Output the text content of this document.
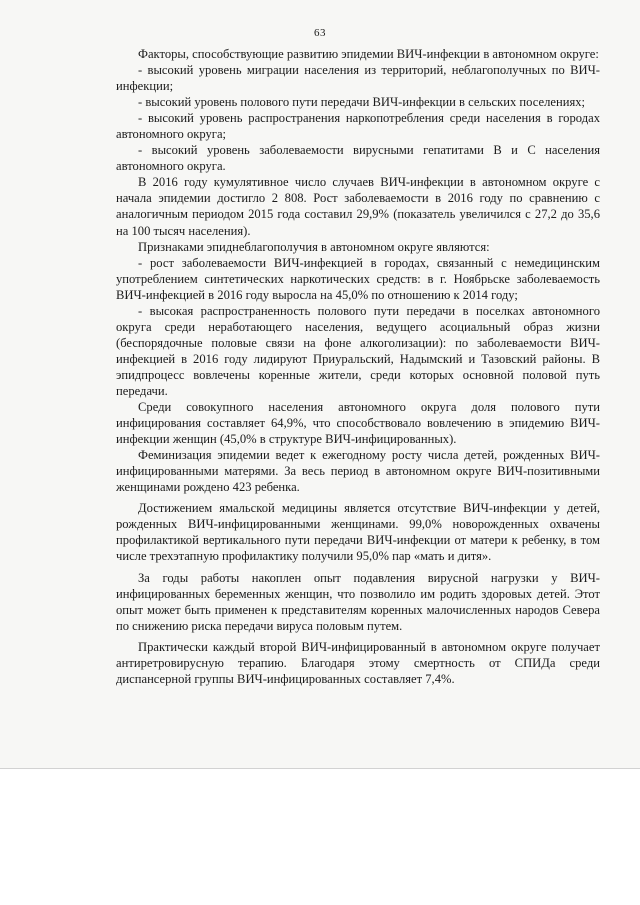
63

Факторы, способствующие развитию эпидемии ВИЧ-инфекции в автономном округе:

- высокий уровень миграции населения из территорий, неблагополучных по ВИЧ-инфекции;

- высокий уровень полового пути передачи ВИЧ-инфекции в сельских поселениях;

- высокий уровень распространения наркопотребления среди населения в городах автономного округа;

- высокий уровень заболеваемости вирусными гепатитами В и С населения автономного округа.

В 2016 году кумулятивное число случаев ВИЧ-инфекции в автономном округе с начала эпидемии достигло 2 808. Рост заболеваемости в 2016 году по сравнению с аналогичным периодом 2015 года составил 29,9% (показатель увеличился с 27,2 до 35,6 на 100 тысяч населения).

Признаками эпиднеблагополучия в автономном округе являются:

- рост заболеваемости ВИЧ-инфекцией в городах, связанный с немедицинским употреблением синтетических наркотических средств: в г. Ноябрьске заболеваемость ВИЧ-инфекцией в 2016 году выросла на 45,0% по отношению к 2014 году;

- высокая распространенность полового пути передачи в поселках автономного округа среди неработающего населения, ведущего асоциальный образ жизни (беспорядочные половые связи на фоне алкоголизации): по заболеваемости ВИЧ-инфекцией в 2016 году лидируют Приуральский, Надымский и Тазовский районы. В эпидпроцесс вовлечены коренные жители, среди которых основной половой путь передачи.

Среди совокупного населения автономного округа доля полового пути инфицирования составляет 64,9%, что способствовало вовлечению в эпидемию ВИЧ-инфекции женщин (45,0% в структуре ВИЧ-инфицированных).

Феминизация эпидемии ведет к ежегодному росту числа детей, рожденных ВИЧ-инфицированными матерями. За весь период в автономном округе ВИЧ-позитивными женщинами рождено 423 ребенка.

Достижением ямальской медицины является отсутствие ВИЧ-инфекции у детей, рожденных ВИЧ-инфицированными женщинами. 99,0% новорожденных охвачены профилактикой вертикального пути передачи ВИЧ-инфекции от матери к ребенку, в том числе трехэтапную профилактику получили 95,0% пар «мать и дитя».

За годы работы накоплен опыт подавления вирусной нагрузки у ВИЧ-инфицированных беременных женщин, что позволило им родить здоровых детей. Этот опыт может быть применен к представителям коренных малочисленных народов Севера по снижению риска передачи вируса половым путем.

Практически каждый второй ВИЧ-инфицированный в автономном округе получает антиретровирусную терапию. Благодаря этому смертность от СПИДа среди диспансерной группы ВИЧ-инфицированных составляет 7,4%.
